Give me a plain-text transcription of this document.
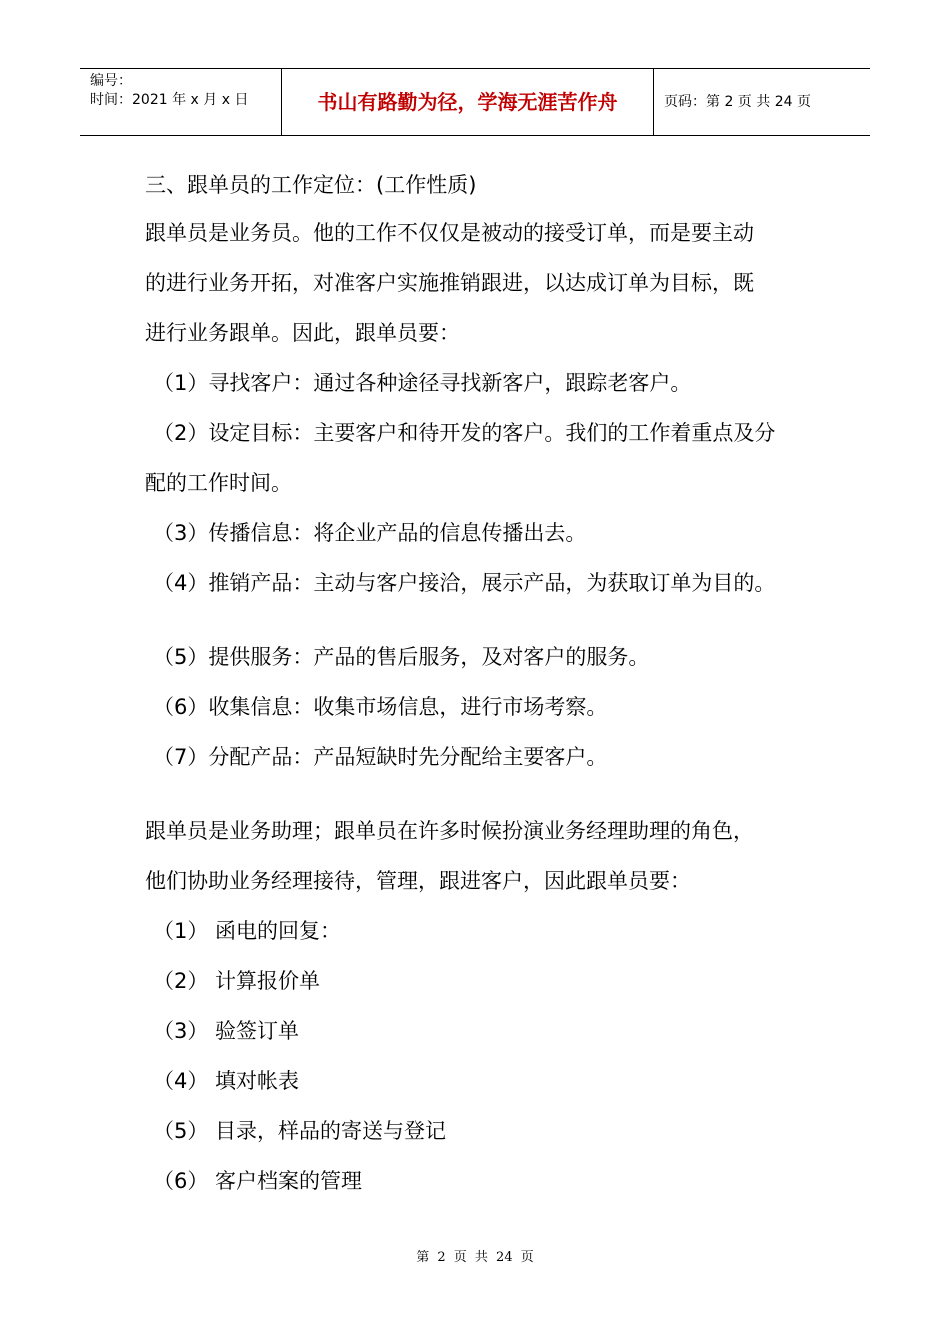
编号：
时间：2021 年 x 月 x 日	书山有路勤为径，学海无涯苦作舟	页码：第 2 页 共 24 页
三、跟单员的工作定位：(工作性质)
跟单员是业务员。他的工作不仅仅是被动的接受订单，而是要主动
的进行业务开拓，对准客户实施推销跟进，以达成订单为目标，既
进行业务跟单。因此，跟单员要：
（1）寻找客户：通过各种途径寻找新客户，跟踪老客户。
（2）设定目标：主要客户和待开发的客户。我们的工作着重点及分
配的工作时间。
（3）传播信息：将企业产品的信息传播出去。
（4）推销产品：主动与客户接洽，展示产品，为获取订单为目的。
（5）提供服务：产品的售后服务，及对客户的服务。
（6）收集信息：收集市场信息，进行市场考察。
（7）分配产品：产品短缺时先分配给主要客户。
跟单员是业务助理；跟单员在许多时候扮演业务经理助理的角色，
他们协助业务经理接待，管理，跟进客户，因此跟单员要：
（1） 函电的回复：
（2） 计算报价单
（3） 验签订单
（4） 填对帐表
（5） 目录，样品的寄送与登记
（6） 客户档案的管理
第 2 页 共 24 页
